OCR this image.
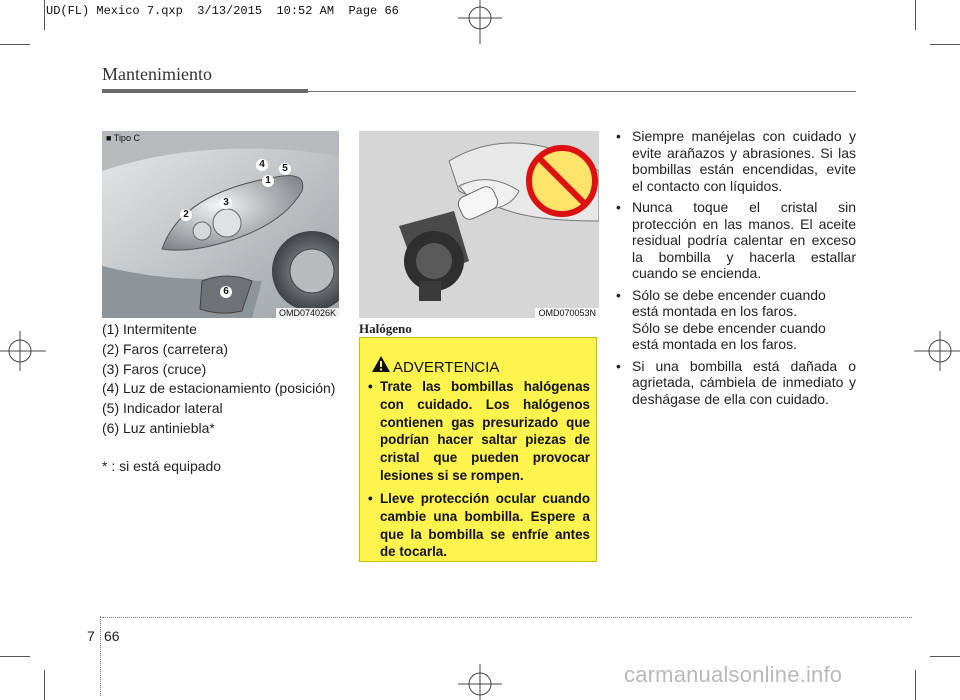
UD(FL) Mexico 7.qxp  3/13/2015  10:52 AM  Page 66
Mantenimiento
■ Tipo C
1
2
3
4	5
6
OMD074026K	OMD070053N
(1) Intermitente
(2) Faros (carretera)
(3) Faros (cruce)
(4) Luz de estacionamiento (posición)
(5) Indicador lateral
(6) Luz antiniebla*
* : si está equipado
Halógeno
ADVERTENCIA
• Trate las bombillas halógenas con cuidado. Los halógenos contienen gas presurizado que podrían hacer saltar piezas de cristal que pueden provocar lesiones si se rompen.
• Lleve protección ocular cuando cambie una bombilla. Espere a que la bombilla se enfríe antes de tocarla.
• Siempre manéjelas con cuidado y evite arañazos y abrasiones. Si las bombillas están encendidas, evite el contacto con líquidos.
• Nunca toque el cristal sin protección en las manos. El aceite residual podría calentar en exceso la bombilla y hacerla estallar cuando se encienda.
• Sólo se debe encender cuando está montada en los faros.
Sólo se debe encender cuando está montada en los faros.
• Si una bombilla está dañada o agrietada, cámbiela de inmediato y deshágase de ella con cuidado.
7 66
carmanualsonline.info
